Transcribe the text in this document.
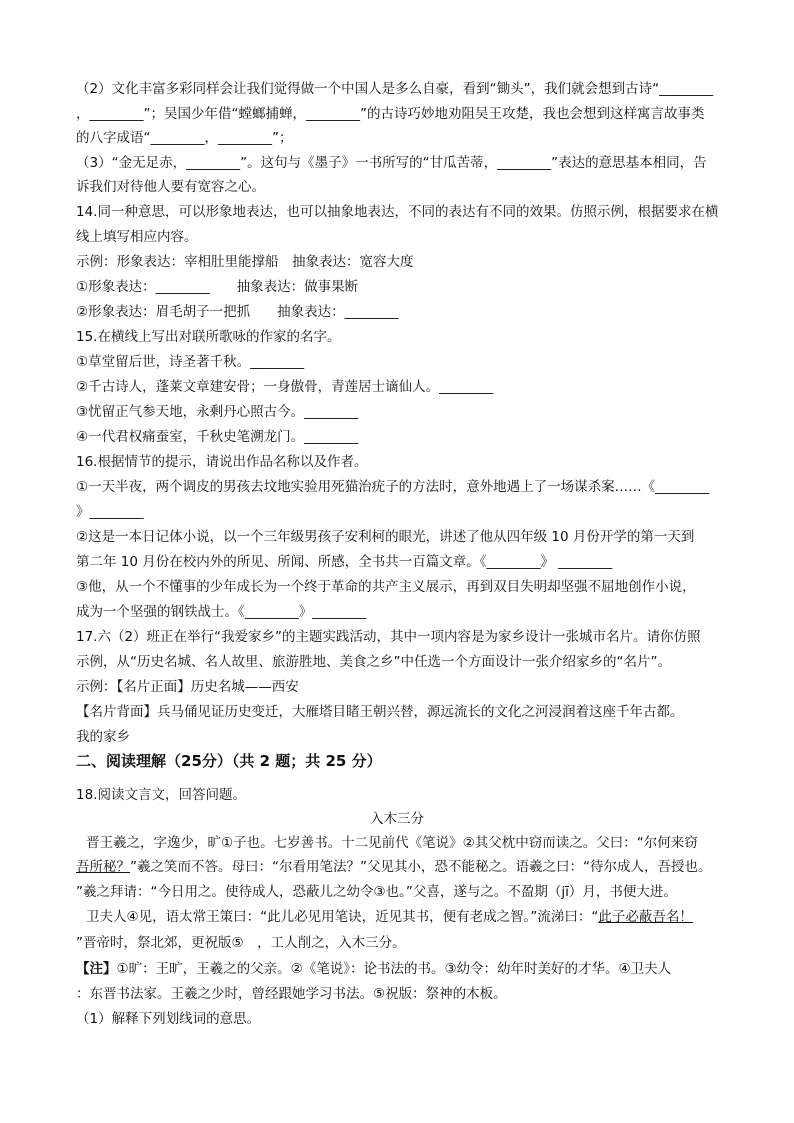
（2）文化丰富多彩同样会让我们觉得做一个中国人是多么自豪，看到“锄头”，我们就会想到古诗“________
，________”；吴国少年借“螳螂捕蝉，________”的古诗巧妙地劝阻吴王攻楚，我也会想到这样寓言故事类
的八字成语“________，________”；
（3）“金无足赤，________”。这句与《墨子》一书所写的“甘瓜苦蒂，________”表达的意思基本相同，告
诉我们对待他人要有宽容之心。
14.同一种意思，可以形象地表达，也可以抽象地表达，不同的表达有不同的效果。仿照示例，根据要求在横
线上填写相应内容。
示例：形象表达：宰相肚里能撑船　抽象表达：宽容大度
①形象表达：________　　抽象表达：做事果断
②形象表达：眉毛胡子一把抓　　抽象表达：________
15.在横线上写出对联所歌咏的作家的名字。
①草堂留后世，诗圣著千秋。________
②千古诗人，蓬莱文章建安骨；一身傲骨，青莲居士谪仙人。________
③忧留正气参天地，永剩丹心照古今。________
④一代君权痛蚕室，千秋史笔溯龙门。________
16.根据情节的提示，请说出作品名称以及作者。
①一天半夜，两个调皮的男孩去坟地实验用死猫治疣子的方法时，意外地遇上了一场谋杀案……《________
》________
②这是一本日记体小说，以一个三年级男孩子安利柯的眼光，讲述了他从四年级 10 月份开学的第一天到
第二年 10 月份在校内外的所见、所闻、所感，全书共一百篇文章。《________》 ________
③他，从一个不懂事的少年成长为一个终于革命的共产主义展示，再到双目失明却坚强不屈地创作小说，
成为一个坚强的钢铁战士。《________》________
17.六（2）班正在举行“我爱家乡”的主题实践活动，其中一项内容是为家乡设计一张城市名片。请你仿照
示例，从“历史名城、名人故里、旅游胜地、美食之乡”中任选一个方面设计一张介绍家乡的“名片”。
示例：【名片正面】历史名城——西安
【名片背面】兵马俑见证历史变迁，大雁塔目睹王朝兴替，源远流长的文化之河浸润着这座千年古都。
我的家乡
二、阅读理解（25分）（共 2 题；共 25 分）
18.阅读文言文，回答问题。
入木三分
晋王羲之，字逸少，旷①子也。七岁善书。十二见前代《笔说》②其父枕中窃而读之。父曰：“尔何来窃
吾所秘？”羲之笑而不答。母曰：“尔看用笔法？”父见其小，恐不能秘之。语羲之曰：“待尔成人，吾授也。
”羲之拜请：“今日用之。使待成人，恐蔽儿之幼令③也。”父喜，遂与之。不盈期（jī）月，书便大进。
卫夫人④见，语太常王策曰：“此儿必见用笔诀，近见其书，便有老成之智。”流涕曰：“此子必蔽吾名！
”晋帝时，祭北郊，更祝版⑤　，工人削之，入木三分。
【注】①旷：王旷，王羲之的父亲。②《笔说》：论书法的书。③幼令：幼年时美好的才华。④卫夫人
：东晋书法家。王羲之少时，曾经跟她学习书法。⑤祝版：祭神的木板。
（1）解释下列划线词的意思。
